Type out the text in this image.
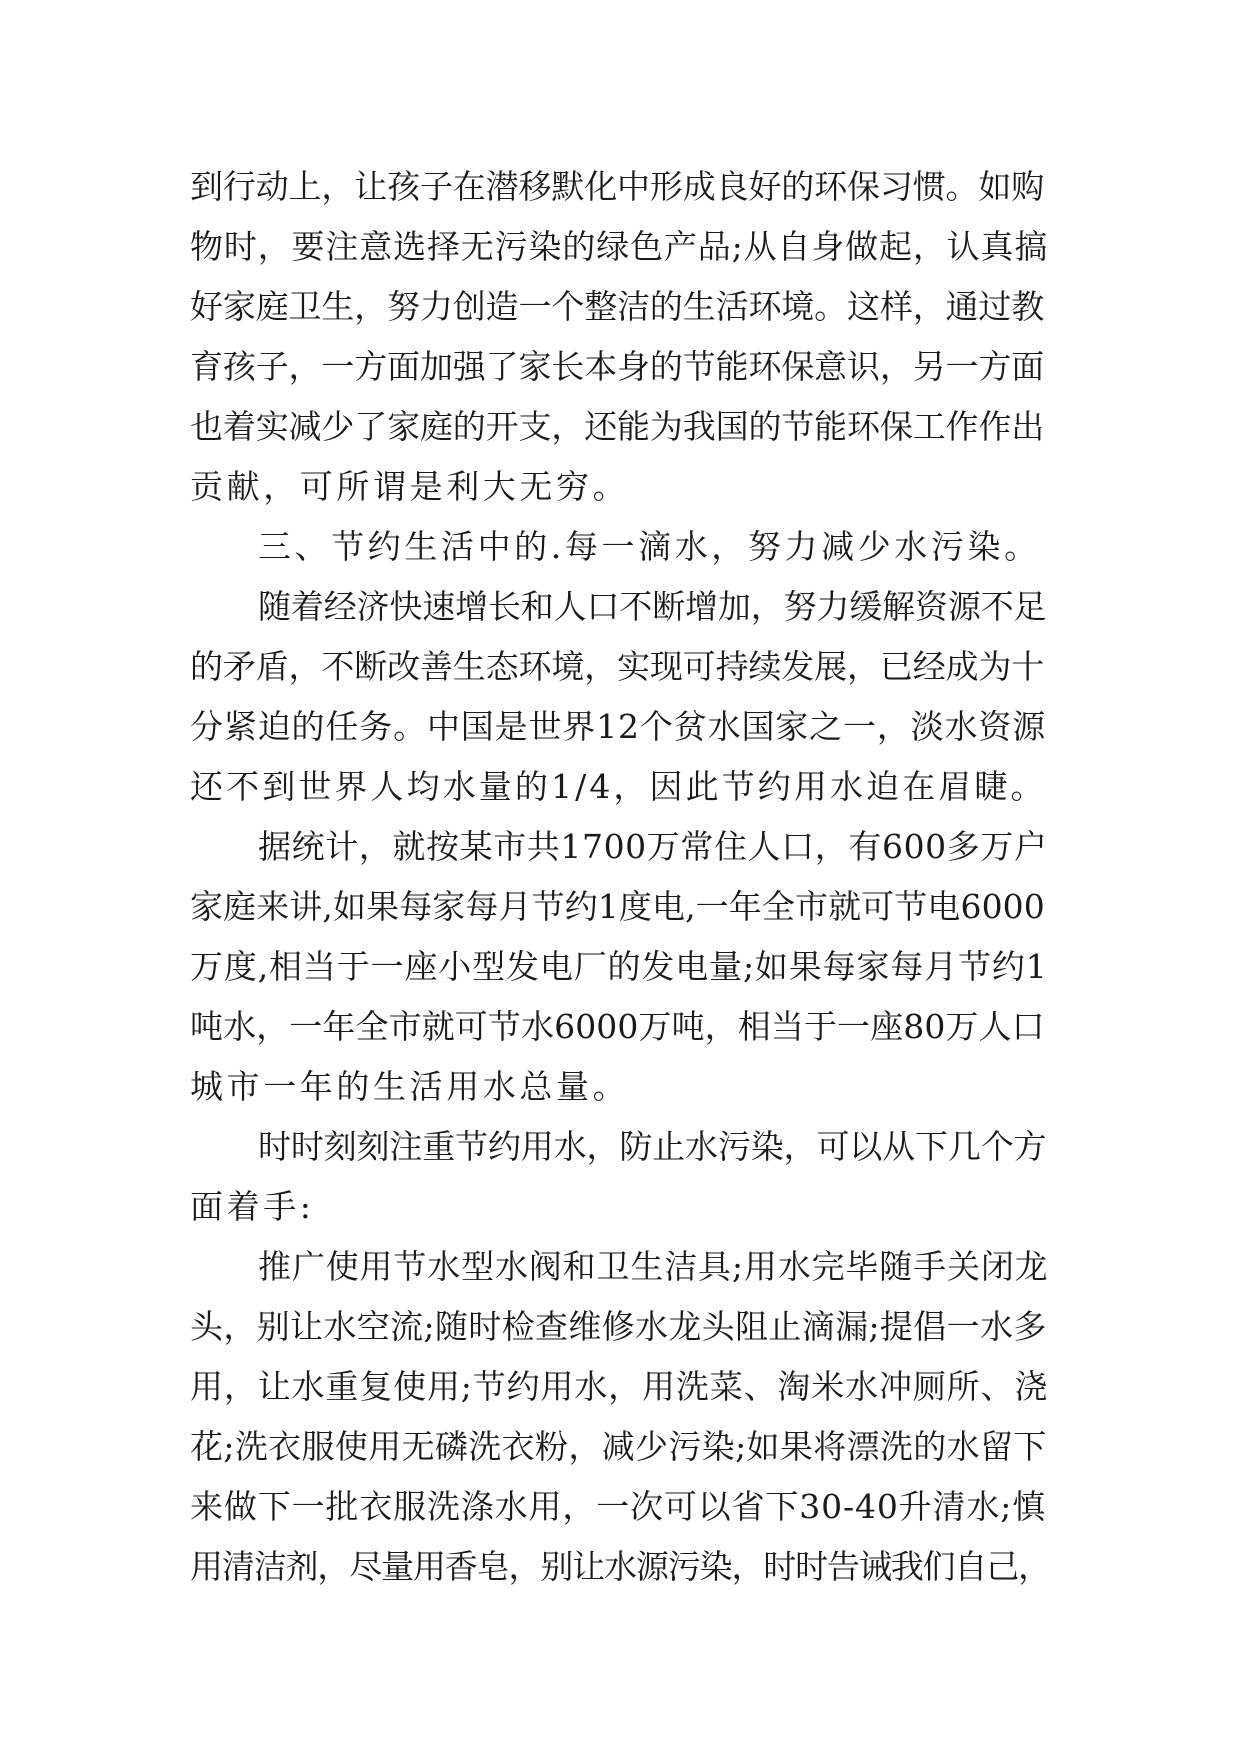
到行动上，让孩子在潜移默化中形成良好的环保习惯。如购
物时，要注意选择无污染的绿色产品;从自身做起，认真搞
好家庭卫生，努力创造一个整洁的生活环境。这样，通过教
育孩子，一方面加强了家长本身的节能环保意识，另一方面
也着实减少了家庭的开支，还能为我国的节能环保工作作出
贡献，可所谓是利大无穷。
三、节约生活中的.每一滴水，努力减少水污染。
随着经济快速增长和人口不断增加，努力缓解资源不足
的矛盾，不断改善生态环境，实现可持续发展，已经成为十
分紧迫的任务。中国是世界12个贫水国家之一，淡水资源
还不到世界人均水量的1/4，因此节约用水迫在眉睫。
据统计，就按某市共1700万常住人口，有600多万户
家庭来讲,如果每家每月节约1度电,一年全市就可节电6000
万度,相当于一座小型发电厂的发电量;如果每家每月节约1
吨水，一年全市就可节水6000万吨，相当于一座80万人口
城市一年的生活用水总量。
时时刻刻注重节约用水，防止水污染，可以从下几个方
面着手:
推广使用节水型水阀和卫生洁具;用水完毕随手关闭龙
头，别让水空流;随时检查维修水龙头阻止滴漏;提倡一水多
用，让水重复使用;节约用水，用洗菜、淘米水冲厕所、浇
花;洗衣服使用无磷洗衣粉，减少污染;如果将漂洗的水留下
来做下一批衣服洗涤水用，一次可以省下30-40升清水;慎
用清洁剂，尽量用香皂，别让水源污染，时时告诫我们自己，
